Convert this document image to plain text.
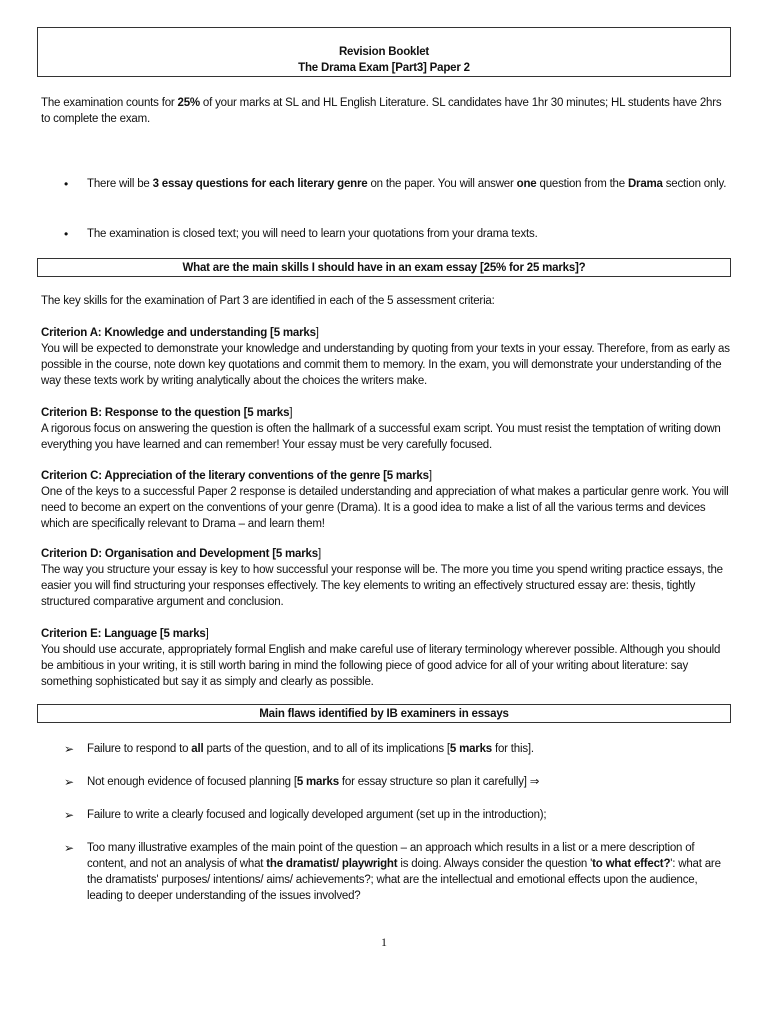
Revision Booklet
The Drama Exam [Part3] Paper 2
The examination counts for 25% of your marks at SL and HL English Literature. SL candidates have 1hr 30 minutes; HL students have 2hrs to complete the exam.
• There will be 3 essay questions for each literary genre on the paper. You will answer one question from the Drama section only.
• The examination is closed text; you will need to learn your quotations from your drama texts.
What are the main skills I should have in an exam essay [25% for 25 marks]?
The key skills for the examination of Part 3 are identified in each of the 5 assessment criteria:
Criterion A: Knowledge and understanding [5 marks]
You will be expected to demonstrate your knowledge and understanding by quoting from your texts in your essay. Therefore, from as early as possible in the course, note down key quotations and commit them to memory. In the exam, you will demonstrate your understanding of the way these texts work by writing analytically about the choices the writers make.
Criterion B: Response to the question [5 marks]
A rigorous focus on answering the question is often the hallmark of a successful exam script. You must resist the temptation of writing down everything you have learned and can remember! Your essay must be very carefully focused.
Criterion C: Appreciation of the literary conventions of the genre [5 marks]
One of the keys to a successful Paper 2 response is detailed understanding and appreciation of what makes a particular genre work. You will need to become an expert on the conventions of your genre (Drama). It is a good idea to make a list of all the various terms and devices which are specifically relevant to Drama – and learn them!
Criterion D: Organisation and Development [5 marks]
The way you structure your essay is key to how successful your response will be. The more you time you spend writing practice essays, the easier you will find structuring your responses effectively. The key elements to writing an effectively structured essay are: thesis, tightly structured comparative argument and conclusion.
Criterion E: Language [5 marks]
You should use accurate, appropriately formal English and make careful use of literary terminology wherever possible. Although you should be ambitious in your writing, it is still worth baring in mind the following piece of good advice for all of your writing about literature: say something sophisticated but say it as simply and clearly as possible.
Main flaws identified by IB examiners in essays
➢ Failure to respond to all parts of the question, and to all of its implications [5 marks for this].
➢ Not enough evidence of focused planning [5 marks for essay structure so plan it carefully] ⇒
➢ Failure to write a clearly focused and logically developed argument (set up in the introduction);
➢ Too many illustrative examples of the main point of the question – an approach which results in a list or a mere description of content, and not an analysis of what the dramatist/ playwright is doing. Always consider the question 'to what effect?': what are the dramatists' purposes/ intentions/ aims/ achievements?; what are the intellectual and emotional effects upon the audience, leading to deeper understanding of the issues involved?
1
